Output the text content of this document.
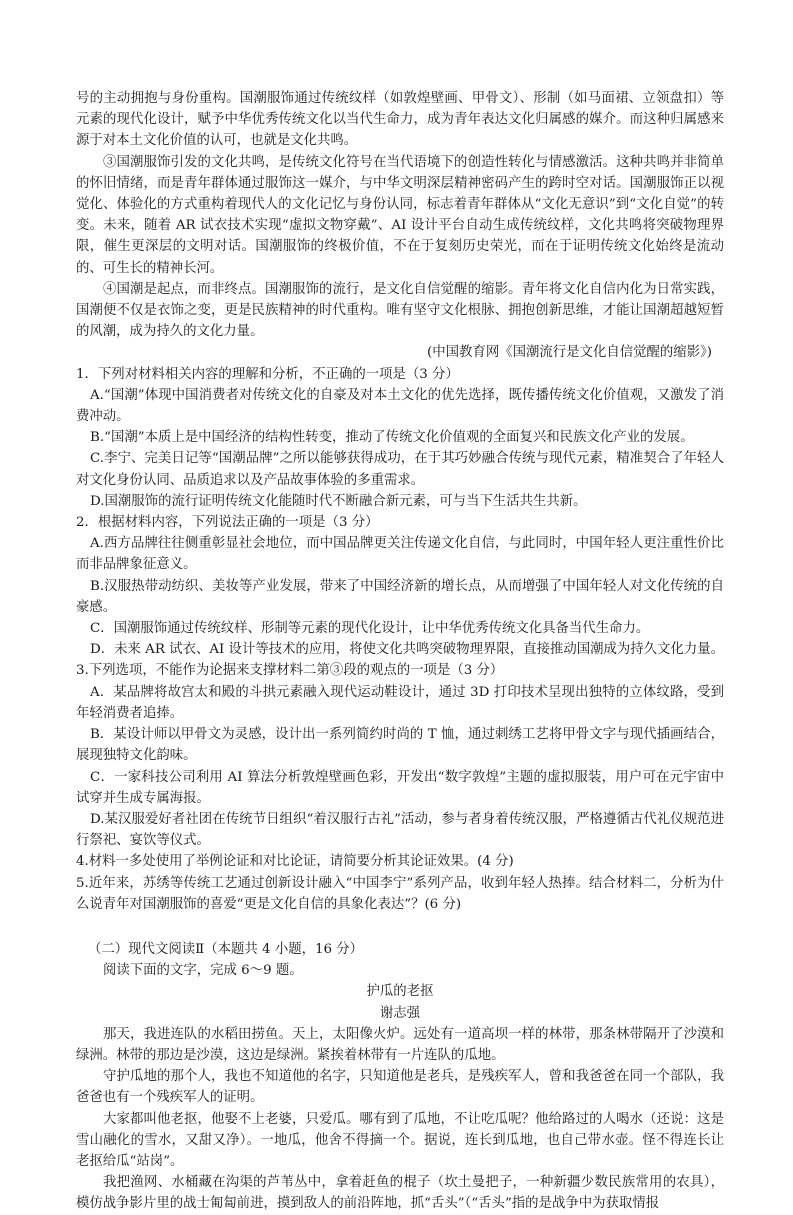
号的主动拥抱与身份重构。国潮服饰通过传统纹样（如敦煌壁画、甲骨文）、形制（如马面裙、立领盘扣）等元素的现代化设计，赋予中华优秀传统文化以当代生命力，成为青年表达文化归属感的媒介。而这种归属感来源于对本土文化价值的认可，也就是文化共鸣。

③国潮服饰引发的文化共鸣，是传统文化符号在当代语境下的创造性转化与情感激活。这种共鸣并非简单的怀旧情绪，而是青年群体通过服饰这一媒介，与中华文明深层精神密码产生的跨时空对话。国潮服饰正以视觉化、体验化的方式重构着现代人的文化记忆与身份认同，标志着青年群体从“文化无意识”到“文化自觉”的转变。未来，随着 AR 试衣技术实现“虚拟文物穿戴”、AI 设计平台自动生成传统纹样，文化共鸣将突破物理界限，催生更深层的文明对话。国潮服饰的终极价值，不在于复刻历史荣光，而在于证明传统文化始终是流动的、可生长的精神长河。

④国潮是起点，而非终点。国潮服饰的流行，是文化自信觉醒的缩影。青年将文化自信内化为日常实践，国潮便不仅是衣饰之变，更是民族精神的时代重构。唯有坚守文化根脉、拥抱创新思维，才能让国潮超越短暂的风潮，成为持久的文化力量。

(中国教育网《国潮流行是文化自信觉醒的缩影》)

1．下列对材料相关内容的理解和分析，不正确的一项是（3 分）

A.“国潮”体现中国消费者对传统文化的自豪及对本土文化的优先选择，既传播传统文化价值观，又激发了消费冲动。

B.“国潮”本质上是中国经济的结构性转变，推动了传统文化价值观的全面复兴和民族文化产业的发展。

C.李宁、完美日记等“国潮品牌”之所以能够获得成功，在于其巧妙融合传统与现代元素，精准契合了年轻人对文化身份认同、品质追求以及产品故事体验的多重需求。

D.国潮服饰的流行证明传统文化能随时代不断融合新元素，可与当下生活共生共新。

2．根据材料内容，下列说法正确的一项是（3 分）

A.西方品牌往往侧重彰显社会地位，而中国品牌更关注传递文化自信，与此同时，中国年轻人更注重性价比而非品牌象征意义。

B.汉服热带动纺织、美妆等产业发展，带来了中国经济新的增长点，从而增强了中国年轻人对文化传统的自豪感。

C．国潮服饰通过传统纹样、形制等元素的现代化设计，让中华优秀传统文化具备当代生命力。

D．未来 AR 试衣、AI 设计等技术的应用，将使文化共鸣突破物理界限，直接推动国潮成为持久文化力量。

3.下列选项，不能作为论据来支撑材料二第③段的观点的一项是（3 分）

A．某品牌将故宫太和殿的斗拱元素融入现代运动鞋设计，通过 3D 打印技术呈现出独特的立体纹路，受到年轻消费者追捧。

B．某设计师以甲骨文为灵感，设计出一系列简约时尚的 T 恤，通过刺绣工艺将甲骨文字与现代插画结合，展现独特文化韵味。

C．一家科技公司利用 AI 算法分析敦煌壁画色彩，开发出“数字敦煌”主题的虚拟服装，用户可在元宇宙中试穿并生成专属海报。

D.某汉服爱好者社团在传统节日组织“着汉服行古礼”活动，参与者身着传统汉服，严格遵循古代礼仪规范进行祭祀、宴饮等仪式。

4.材料一多处使用了举例论证和对比论证，请简要分析其论证效果。(4 分)

5.近年来，苏绣等传统工艺通过创新设计融入“中国李宁”系列产品，收到年轻人热捧。结合材料二，分析为什么说青年对国潮服饰的喜爱“更是文化自信的具象化表达”？(6 分)

（二）现代文阅读Ⅱ（本题共 4 小题，16 分）

阅读下面的文字，完成 6～9 题。

护瓜的老抠

谢志强

那天，我进连队的水稻田捞鱼。天上，太阳像火炉。远处有一道高坝一样的林带，那条林带隔开了沙漠和绿洲。林带的那边是沙漠，这边是绿洲。紧挨着林带有一片连队的瓜地。

守护瓜地的那个人，我也不知道他的名字，只知道他是老兵，是残疾军人，曾和我爸爸在同一个部队，我爸爸也有一个残疾军人的证明。

大家都叫他老抠，他娶不上老婆，只爱瓜。哪有到了瓜地，不让吃瓜呢？他给路过的人喝水（还说：这是雪山融化的雪水，又甜又净）。一地瓜，他舍不得摘一个。据说，连长到瓜地，也自己带水壶。怪不得连长让老抠给瓜“站岗”。

我把渔网、水桶藏在沟渠的芦苇丛中，拿着赶鱼的棍子（坎土曼把子，一种新疆少数民族常用的农具），模仿战争影片里的战士匍匐前进，摸到敌人的前沿阵地，抓“舌头”（“舌头”指的是战争中为获取情报
